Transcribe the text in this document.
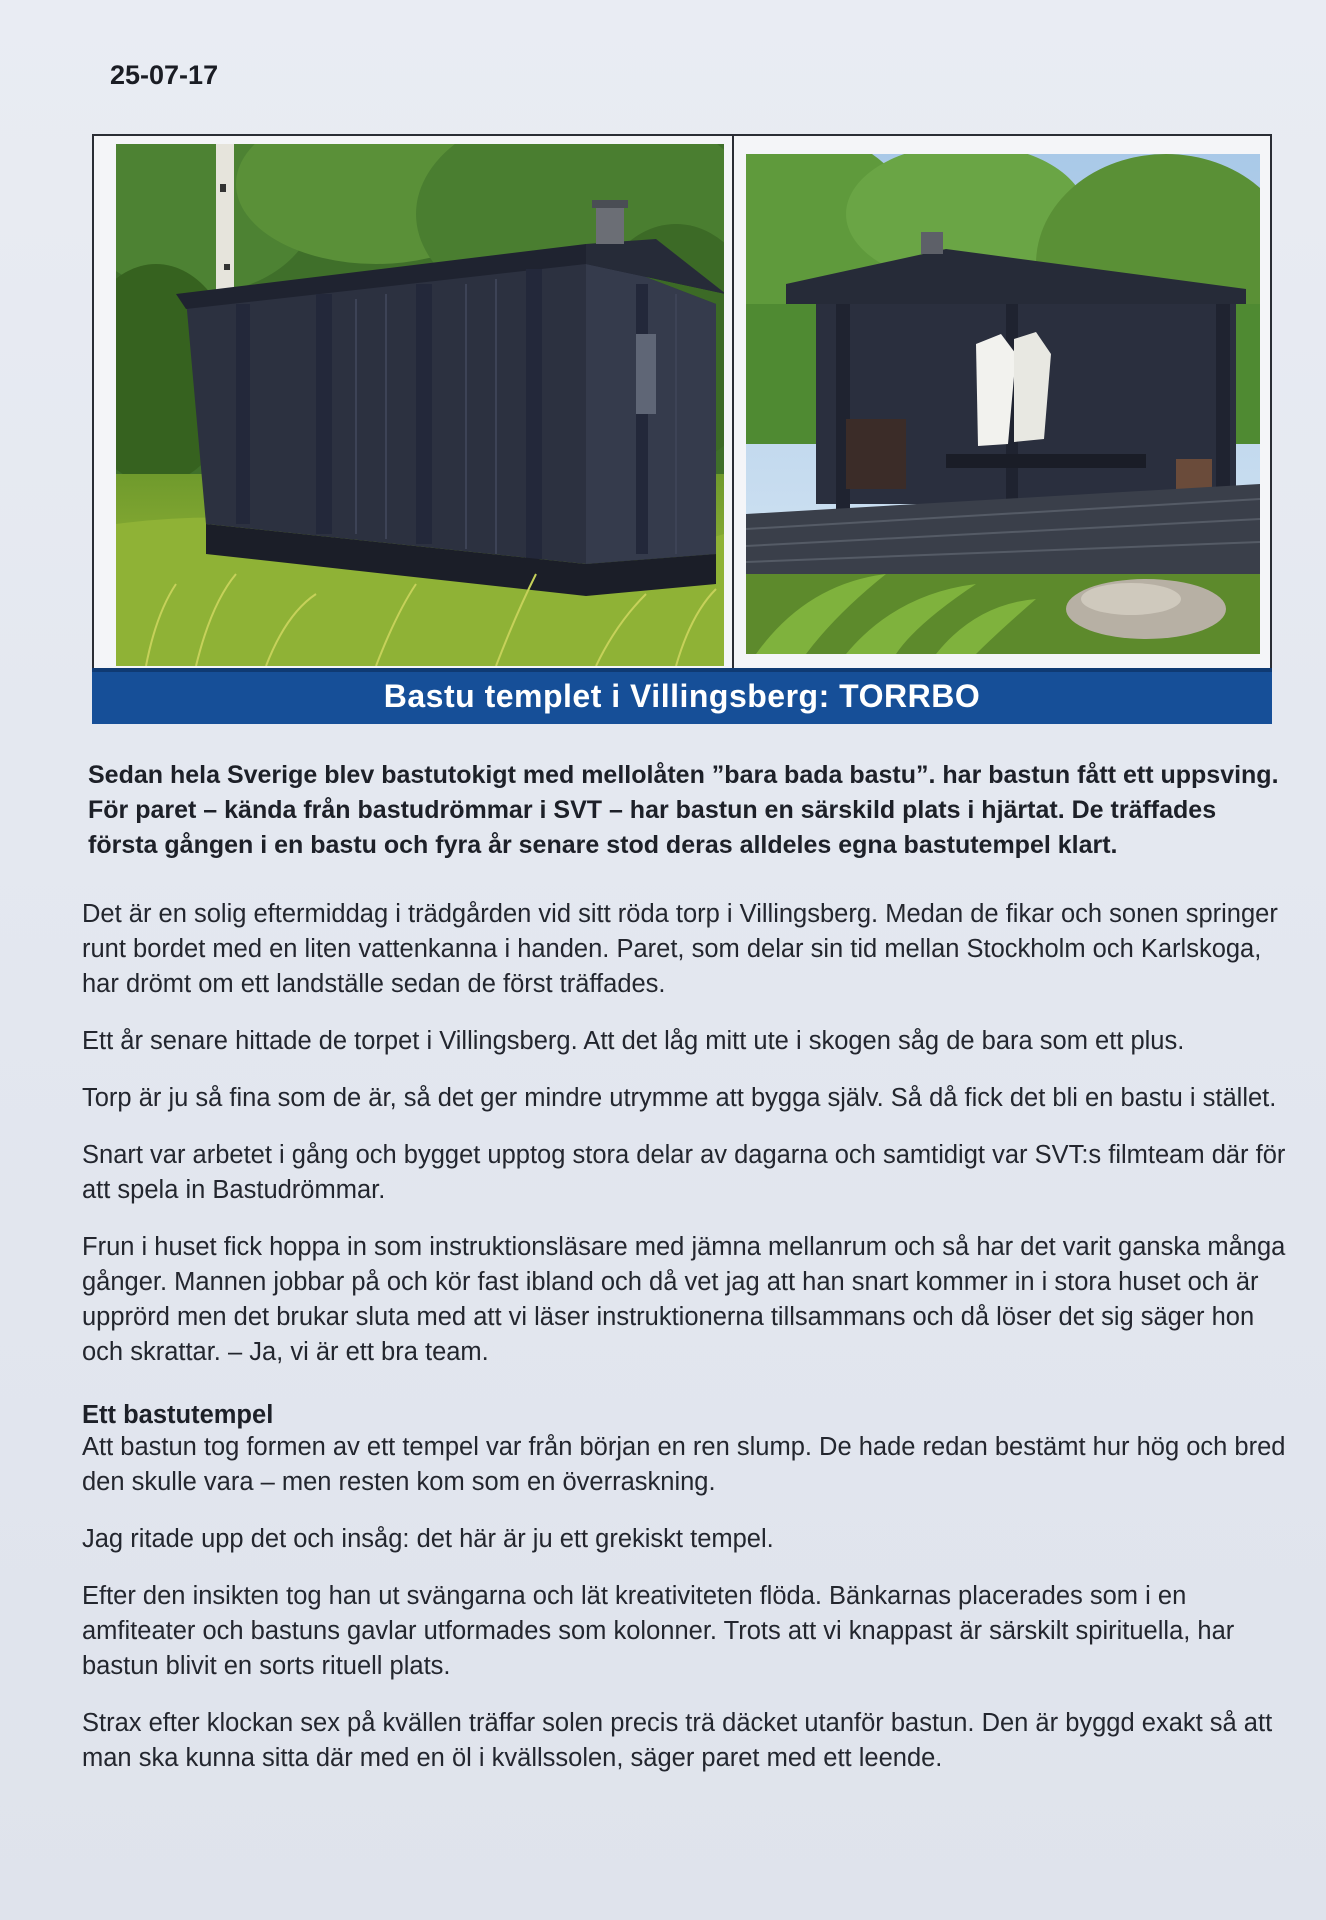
25-07-17
Bastu templet i Villingsberg: TORRBO

Sedan hela Sverige blev bastutokigt med mellolåten ”bara bada bastu”. har bastun fått ett uppsving. För paret – kända från bastudrömmar i SVT – har bastun en särskild plats i hjärtat. De träffades första gången i en bastu och fyra år senare stod deras alldeles egna bastutempel klart.

Det är en solig eftermiddag i trädgården vid sitt röda torp i Villingsberg. Medan de fikar och sonen springer runt bordet med en liten vattenkanna i handen. Paret, som delar sin tid mellan Stockholm och Karlskoga, har drömt om ett landställe sedan de först träffades.

Ett år senare hittade de torpet i Villingsberg. Att det låg mitt ute i skogen såg de bara som ett plus.

Torp är ju så fina som de är, så det ger mindre utrymme att bygga själv. Så då fick det bli en bastu i stället.

Snart var arbetet i gång och bygget upptog stora delar av dagarna och samtidigt var SVT:s filmteam där för att spela in Bastudrömmar.

Frun i huset fick hoppa in som instruktionsläsare med jämna mellanrum och så har det varit ganska många gånger. Mannen jobbar på och kör fast ibland och då vet jag att han snart kommer in i stora huset och är upprörd men det brukar sluta med att vi läser instruktionerna tillsammans och då löser det sig säger hon och skrattar. – Ja, vi är ett bra team.

Ett bastutempel

Att bastun tog formen av ett tempel var från början en ren slump. De hade redan bestämt hur hög och bred den skulle vara – men resten kom som en överraskning.

Jag ritade upp det och insåg: det här är ju ett grekiskt tempel.

Efter den insikten tog han ut svängarna och lät kreativiteten flöda. Bänkarnas placerades som i en amfiteater och bastuns gavlar utformades som kolonner. Trots att vi knappast är särskilt spirituella, har bastun blivit en sorts rituell plats.

Strax efter klockan sex på kvällen träffar solen precis trä däcket utanför bastun. Den är byggd exakt så att man ska kunna sitta där med en öl i kvällssolen, säger paret med ett leende.
